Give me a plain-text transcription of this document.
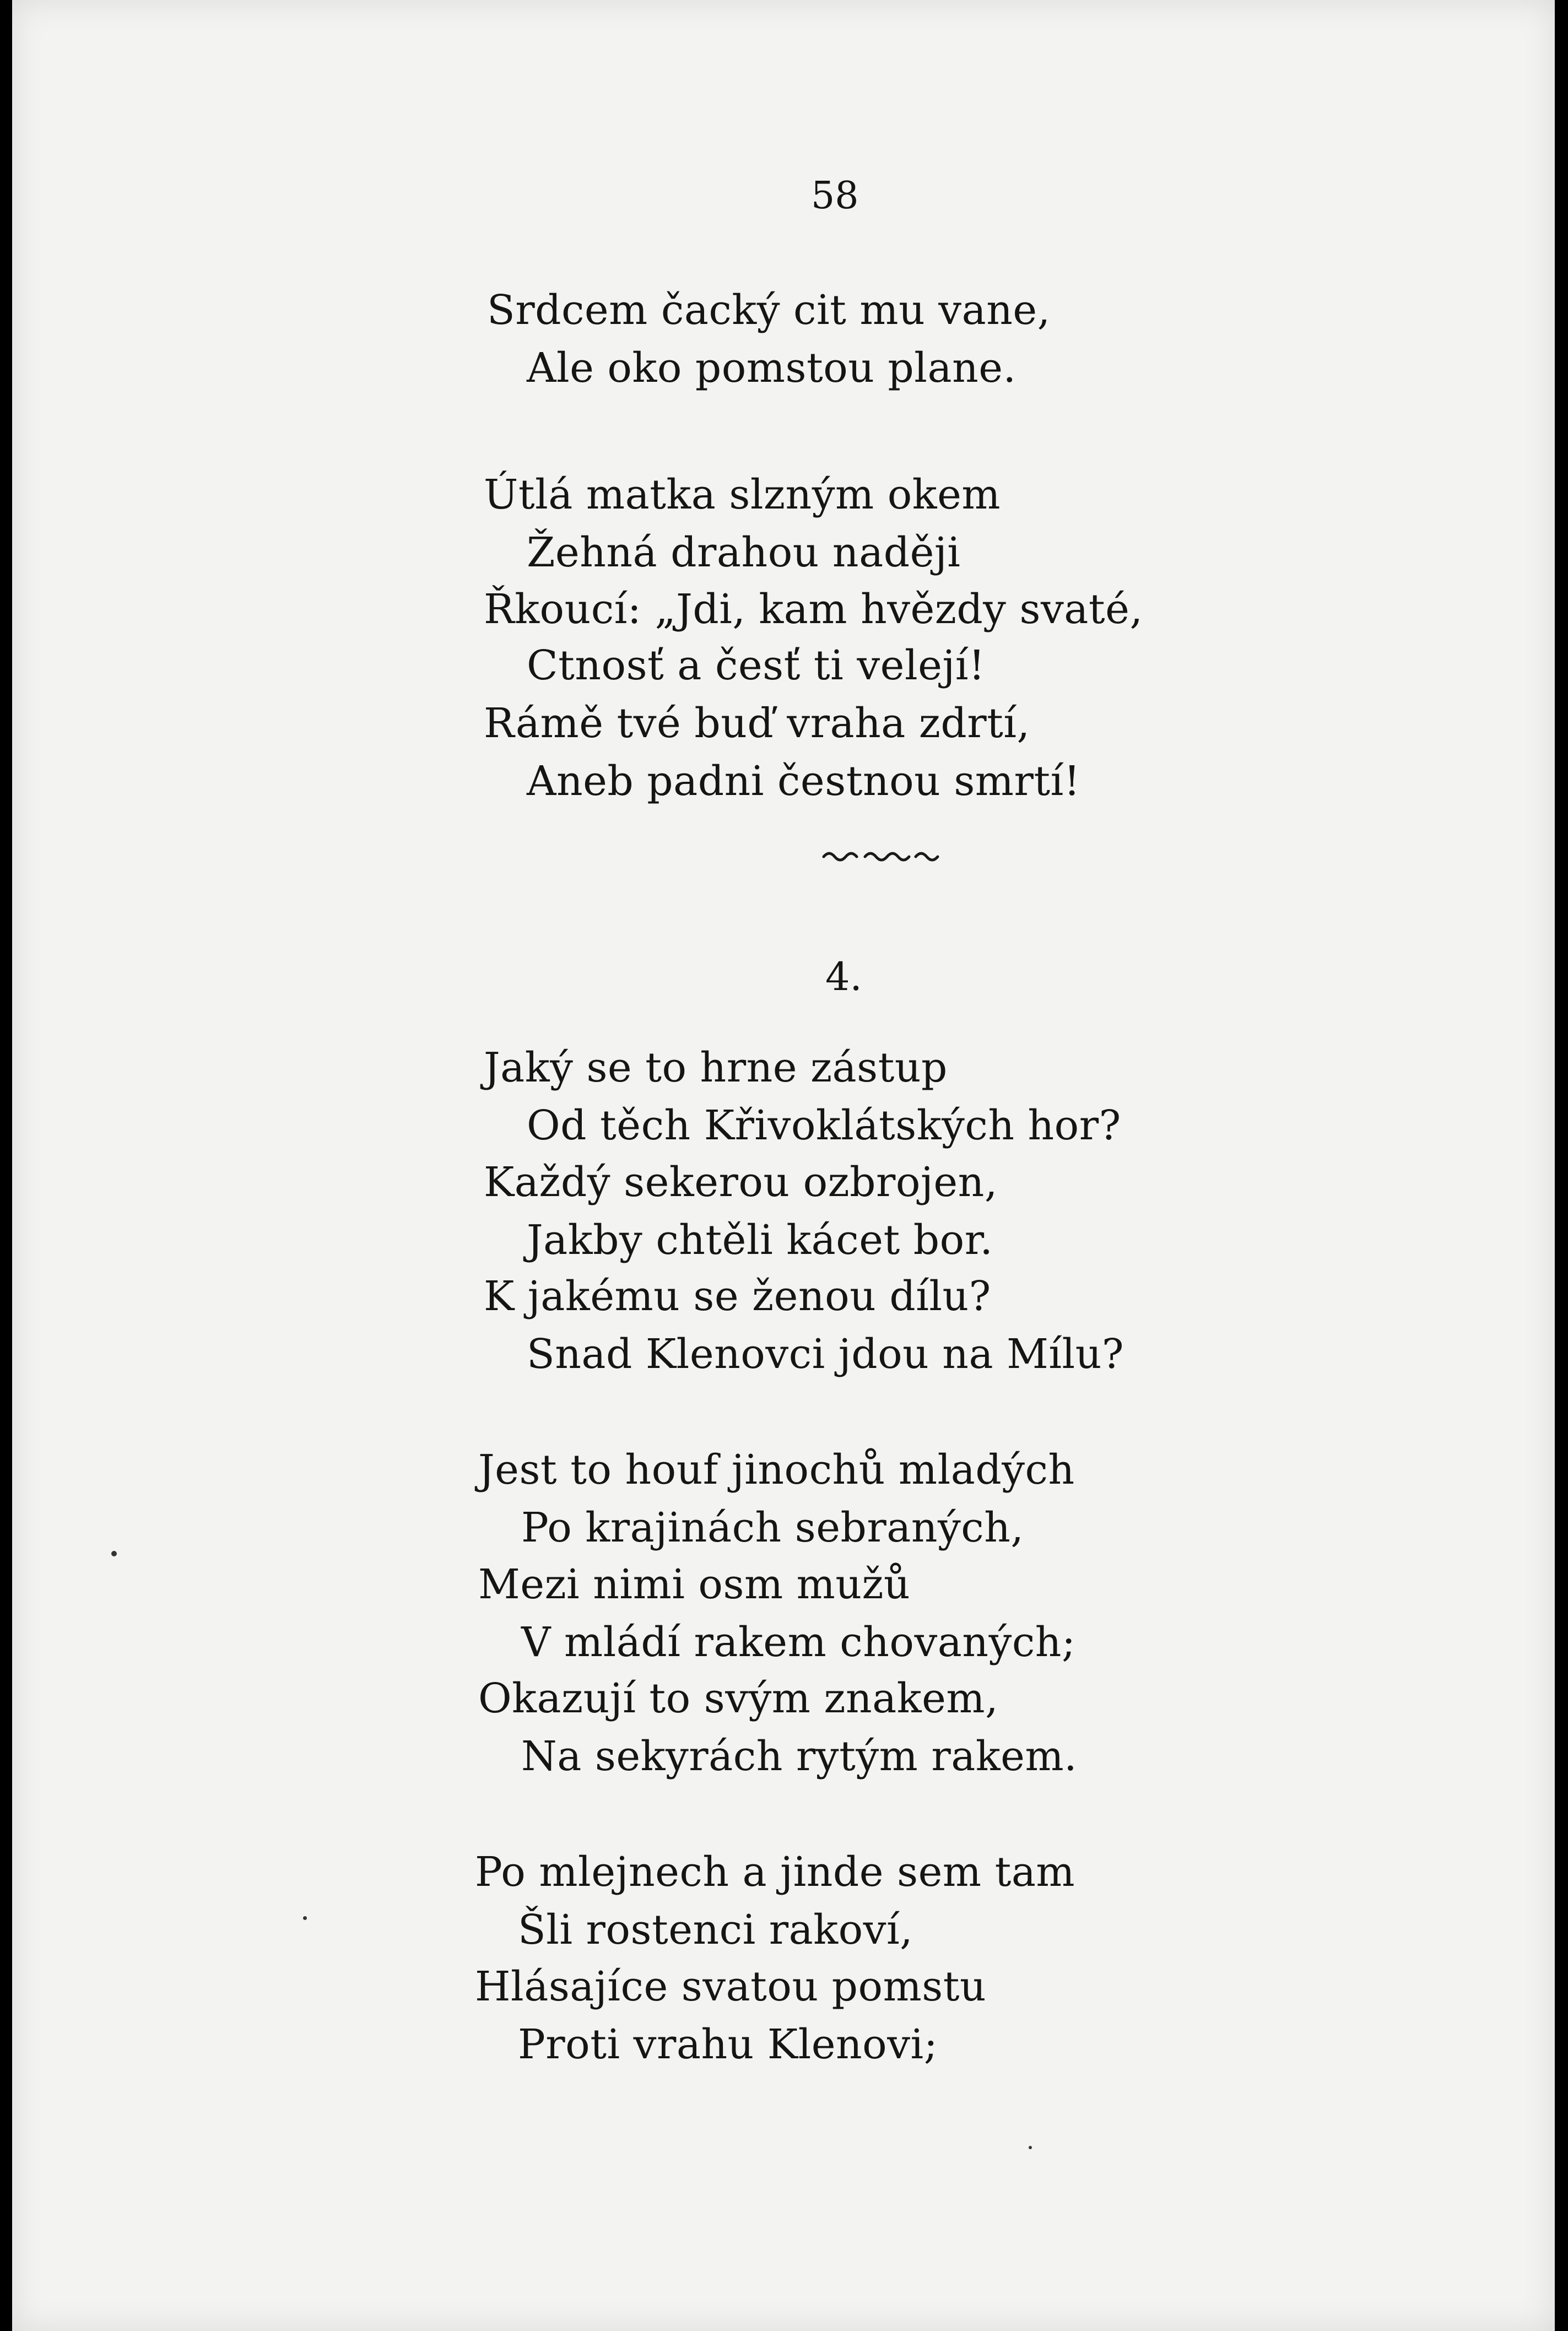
58
Srdcem čacký cit mu vane,
Ale oko pomstou plane.
Útlá matka slzným okem
Žehná drahou naději
Řkoucí: „Jdi, kam hvězdy svaté,
Ctnosť a česť ti velejí!
Rámě tvé buď vraha zdrtí,
Aneb padni čestnou smrtí!
4.
Jaký se to hrne zástup
Od těch Křivoklátských hor?
Každý sekerou ozbrojen,
Jakby chtěli kácet bor.
K jakému se ženou dílu?
Snad Klenovci jdou na Mílu?
Jest to houf jinochů mladých
Po krajinách sebraných,
Mezi nimi osm mužů
V mládí rakem chovaných;
Okazují to svým znakem,
Na sekyrách rytým rakem.
Po mlejnech a jinde sem tam
Šli rostenci rakoví,
Hlásajíce svatou pomstu
Proti vrahu Klenovi;
